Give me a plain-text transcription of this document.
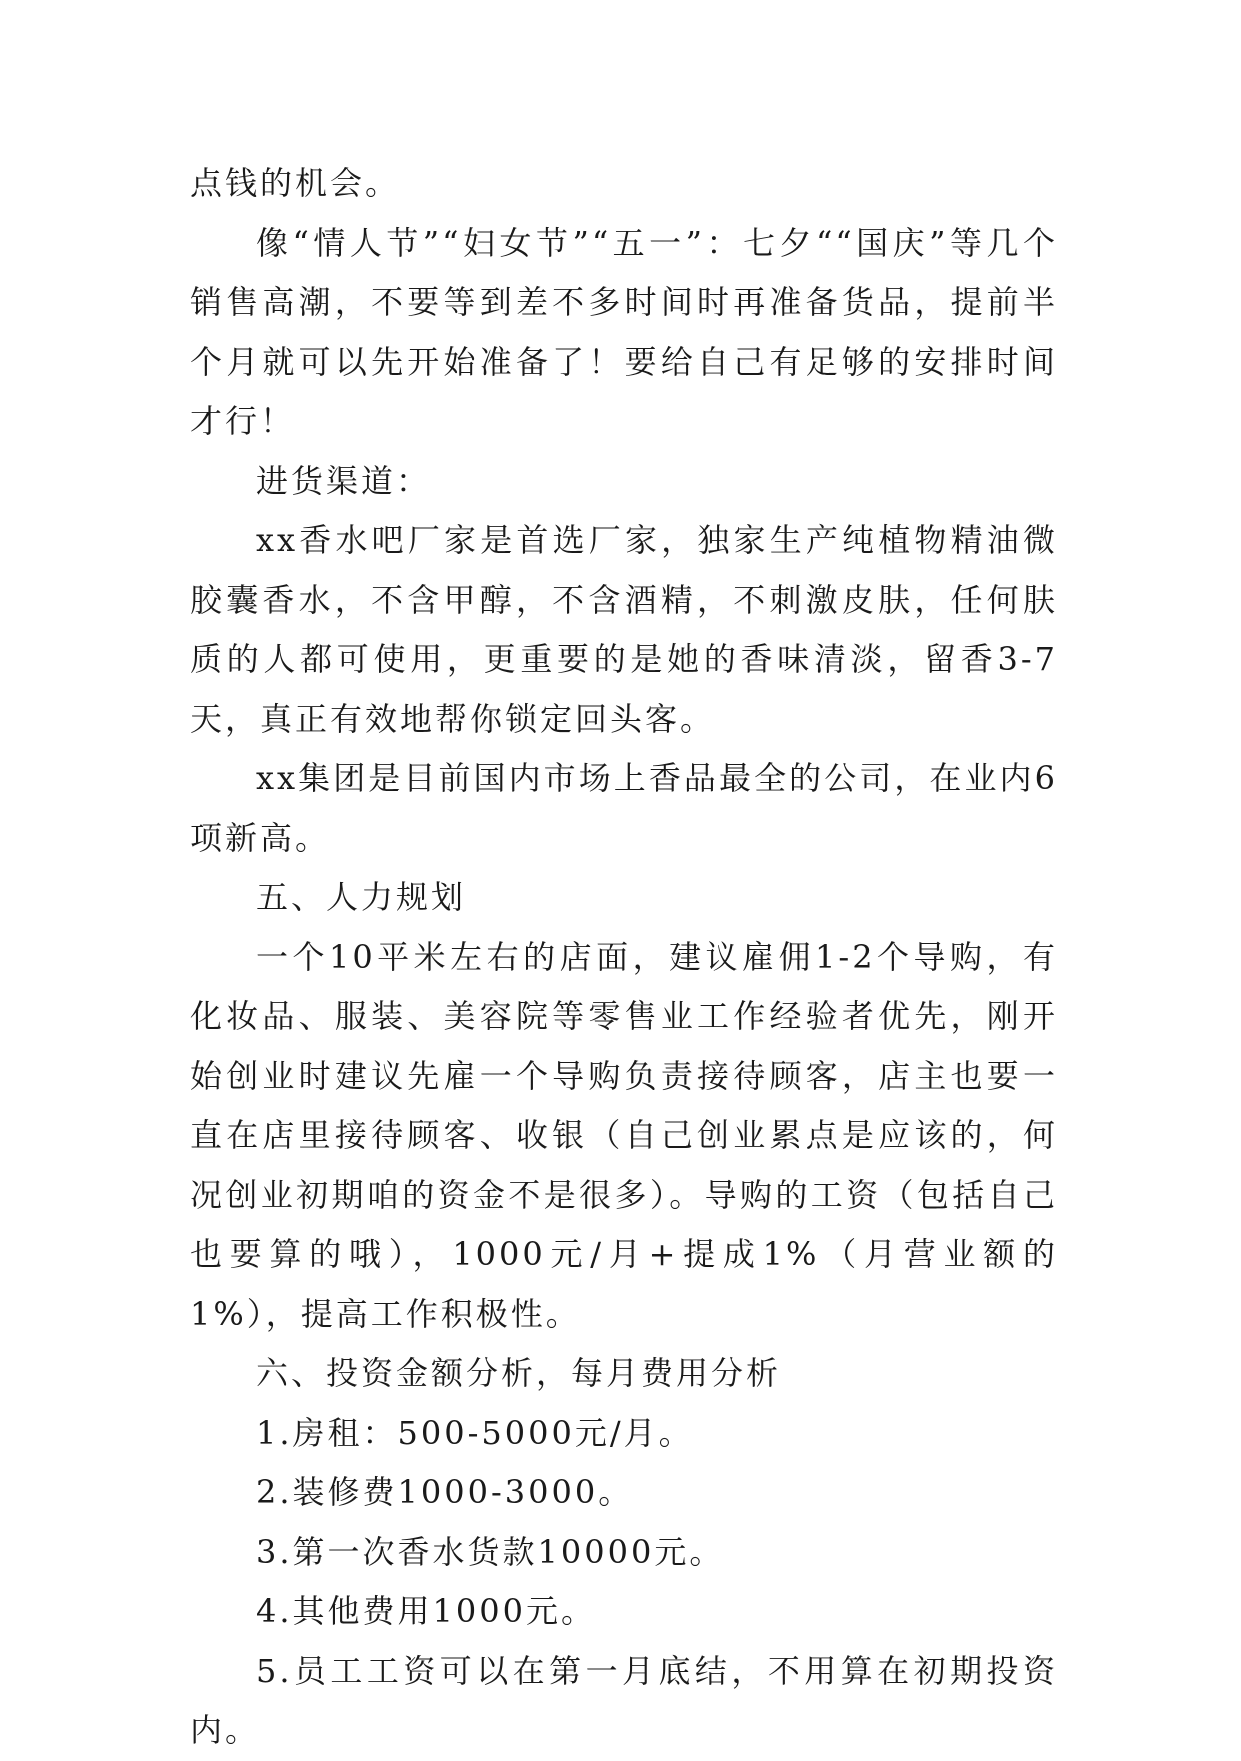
点钱的机会。

像“情人节”“妇女节”“五一”：七夕““国庆”等几个销售高潮，不要等到差不多时间时再准备货品，提前半个月就可以先开始准备了！要给自己有足够的安排时间才行！

进货渠道：

xx香水吧厂家是首选厂家，独家生产纯植物精油微胶囊香水，不含甲醇，不含酒精，不刺激皮肤，任何肤质的人都可使用，更重要的是她的香味清淡，留香3-7天，真正有效地帮你锁定回头客。

xx集团是目前国内市场上香品最全的公司，在业内6项新高。

五、人力规划

一个10平米左右的店面，建议雇佣1-2个导购，有化妆品、服装、美容院等零售业工作经验者优先，刚开始创业时建议先雇一个导购负责接待顾客，店主也要一直在店里接待顾客、收银（自己创业累点是应该的，何况创业初期咱的资金不是很多）。导购的工资（包括自己也要算的哦），1000元/月+提成1%（月营业额的1%），提高工作积极性。

六、投资金额分析，每月费用分析

1.房租：500-5000元/月。

2.装修费1000-3000。

3.第一次香水货款10000元。

4.其他费用1000元。

5.员工工资可以在第一月底结，不用算在初期投资内。
